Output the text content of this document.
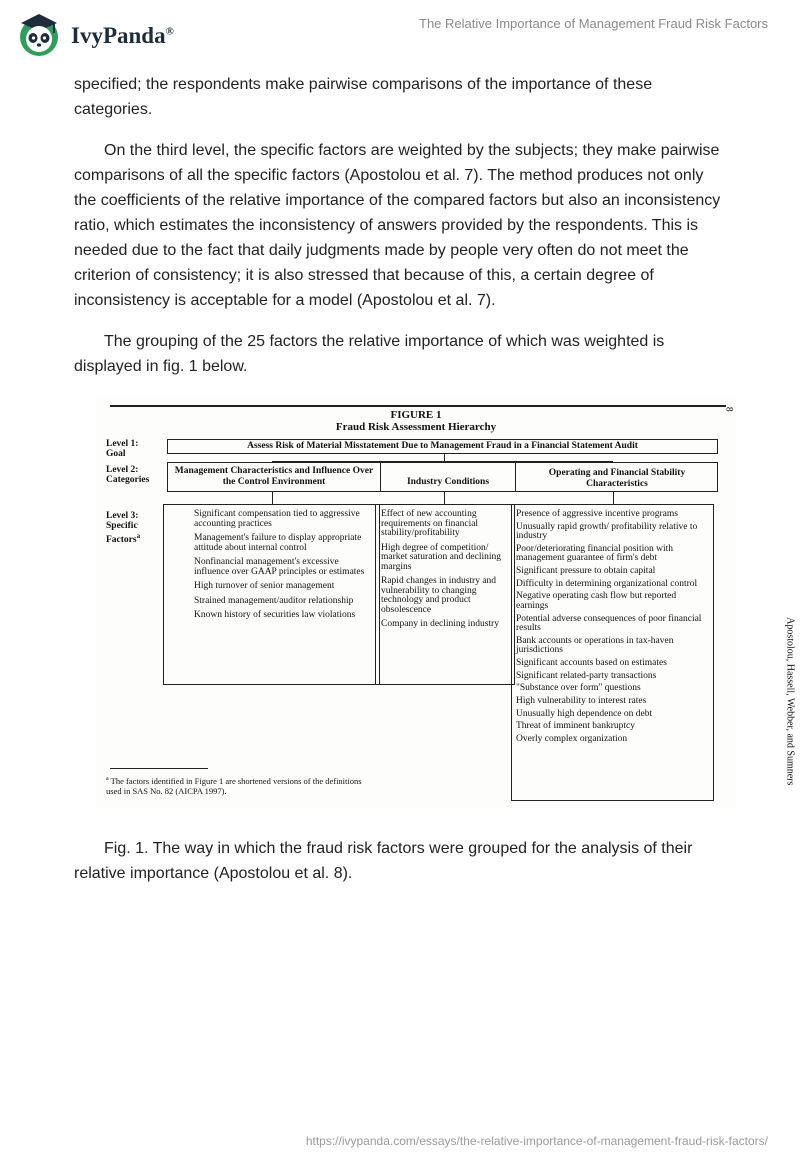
IvyPanda®
The Relative Importance of Management Fraud Risk Factors

specified; the respondents make pairwise comparisons of the importance of these categories.

On the third level, the specific factors are weighted by the subjects; they make pairwise comparisons of all the specific factors (Apostolou et al. 7). The method produces not only the coefficients of the relative importance of the compared factors but also an inconsistency ratio, which estimates the inconsistency of answers provided by the respondents. This is needed due to the fact that daily judgments made by people very often do not meet the criterion of consistency; it is also stressed that because of this, a certain degree of inconsistency is acceptable for a model (Apostolou et al. 7).

The grouping of the 25 factors the relative importance of which was weighted is displayed in fig. 1 below.

8
FIGURE 1
Fraud Risk Assessment Hierarchy
Level 1:
Goal
Level 2:
Categories
Level 3:
Specific
Factors$^a$
Assess Risk of Material Misstatement Due to Management Fraud in a Financial Statement Audit
Management Characteristics and Influence Over the Control Environment	Industry Conditions
Operating and Financial Stability Characteristics
Significant compensation tied to aggressive accounting practices
Management's failure to display appropriate attitude about internal control
Nonfinancial management's excessive influence over GAAP principles or estimates
High turnover of senior management
Strained management/auditor relationship
Known history of securities law violations
Effect of new accounting requirements on financial stability/profitability
High degree of competition/ market saturation and declining margins
Rapid changes in industry and vulnerability to changing technology and product obsolescence
Company in declining industry
Presence of aggressive incentive programs
Unusually rapid growth/ profitability relative to industry
Poor/deteriorating financial position with management guarantee of firm's debt
Significant pressure to obtain capital
Difficulty in determining organizational control
Negative operating cash flow but reported earnings
Potential adverse consequences of poor financial results
Bank accounts or operations in tax-haven jurisdictions
Significant accounts based on estimates
Significant related-party transactions
"Substance over form" questions
High vulnerability to interest rates
Unusually high dependence on debt
Threat of imminent bankruptcy
Overly complex organization
$^a$ The factors identified in Figure 1 are shortened versions of the definitions used in SAS No. 82 (AICPA 1997).
Apostolou, Hassell, Webber, and Sumners
Fig. 1. The way in which the fraud risk factors were grouped for the analysis of their relative importance (Apostolou et al. 8).
https://ivypanda.com/essays/the-relative-importance-of-management-fraud-risk-factors/
